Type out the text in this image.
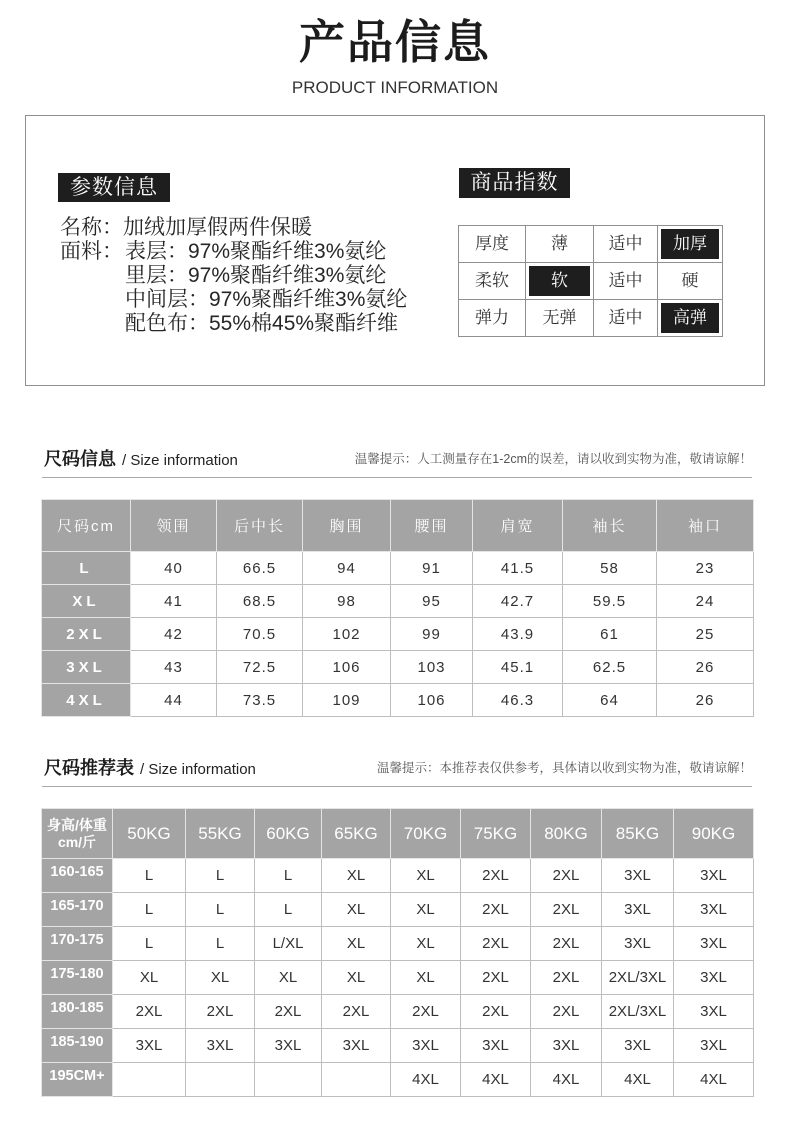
产品信息
PRODUCT INFORMATION
参数信息
名称： 加绒加厚假两件保暖
面料： 表层：97%聚酯纤维3%氨纶
里层：97%聚酯纤维3%氨纶
中间层：97%聚酯纤维3%氨纶
配色布：55%棉45%聚酯纤维
商品指数
厚度	薄	适中	加厚

柔软	软	适中	硬

弹力	无弹	适中	高弹
尺码信息 / Size information	温馨提示：人工测量存在1-2cm的误差，请以收到实物为准，敬请谅解！
尺码cm	领围	后中长	胸围	腰围	肩宽	袖长	袖口
L	40	66.5	94	91	41.5	58	23
XL	41	68.5	98	95	42.7	59.5	24
2XL	42	70.5	102	99	43.9	61	25
3XL	43	72.5	106	103	45.1	62.5	26
4XL	44	73.5	109	106	46.3	64	26
尺码推荐表 / Size information	温馨提示：本推荐表仅供参考，具体请以收到实物为准，敬请谅解！
身高/体重
cm/斤	50KG	55KG	60KG	65KG	70KG	75KG	80KG	85KG	90KG
160-165	L	L	L	XL	XL	2XL	2XL	3XL	3XL
165-170	L	L	L	XL	XL	2XL	2XL	3XL	3XL
170-175	L	L	L/XL	XL	XL	2XL	2XL	3XL	3XL
175-180	XL	XL	XL	XL	XL	2XL	2XL	2XL/3XL	3XL
180-185	2XL	2XL	2XL	2XL	2XL	2XL	2XL	2XL/3XL	3XL
185-190	3XL	3XL	3XL	3XL	3XL	3XL	3XL	3XL	3XL
195CM+					4XL	4XL	4XL	4XL	4XL
